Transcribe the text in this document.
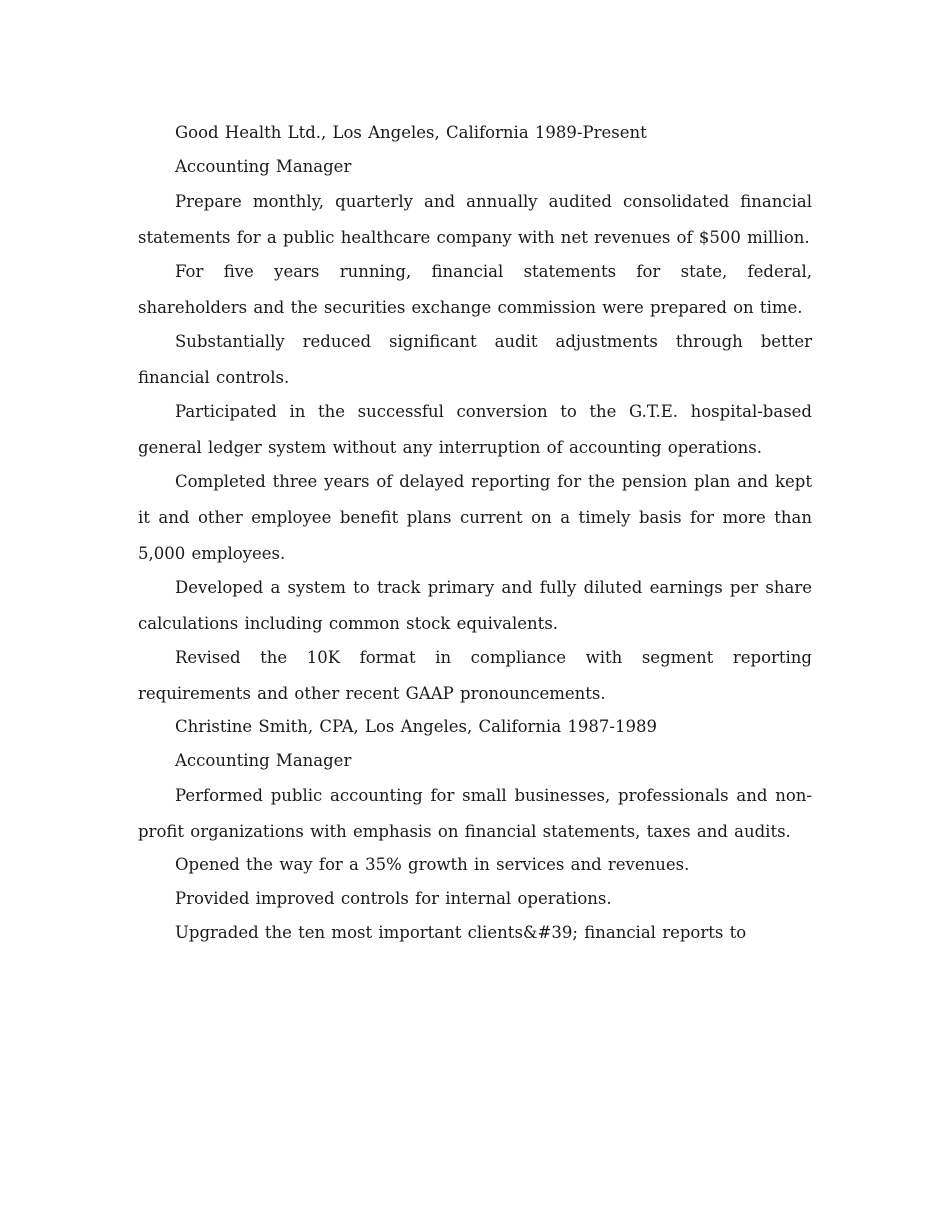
Good Health Ltd., Los Angeles, California 1989-Present

Accounting Manager

Prepare monthly, quarterly and annually audited consolidated financial statements for a public healthcare company with net revenues of $500 million.

For five years running, financial statements for state, federal, shareholders and the securities exchange commission were prepared on time.

Substantially reduced significant audit adjustments through better financial controls.

Participated in the successful conversion to the G.T.E. hospital-based general ledger system without any interruption of accounting operations.

Completed three years of delayed reporting for the pension plan and kept it and other employee benefit plans current on a timely basis for more than 5,000 employees.

Developed a system to track primary and fully diluted earnings per share calculations including common stock equivalents.

Revised the 10K format in compliance with segment reporting requirements and other recent GAAP pronouncements.

Christine Smith, CPA, Los Angeles, California 1987-1989

Accounting Manager

Performed public accounting for small businesses, professionals and non-profit organizations with emphasis on financial statements, taxes and audits.

Opened the way for a 35% growth in services and revenues.

Provided improved controls for internal operations.

Upgraded the ten most important clients&#39; financial reports to
